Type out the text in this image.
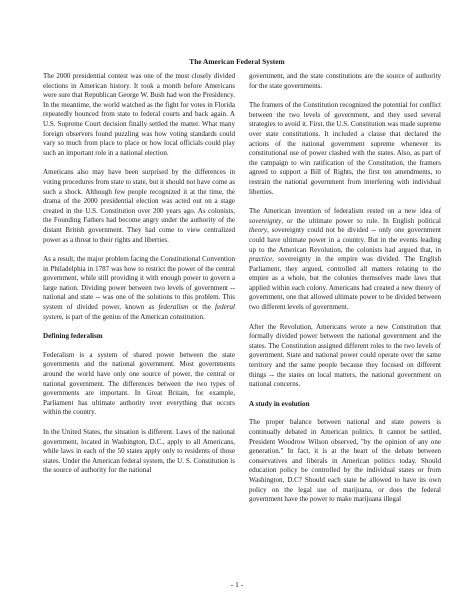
The American Federal System

The 2000 presidential contest was one of the most closely divided elections in American history. It took a month before Americans were sure that Republican George W. Bush had won the Presidency. In the meantime, the world watched as the fight for votes in Florida repeatedly bounced from state to federal courts and back again. A U.S. Supreme Court decision finally settled the matter. What many foreign observers found puzzling was how voting standards could vary so much from place to place or how local officials could play such an important role in a national election.

Americans also may have been surprised by the differences in voting procedures from state to state, but it should not have come as such a shock. Although few people recognized it at the time, the drama of the 2000 presidential election was acted out on a stage created in the U.S. Constitution over 200 years ago. As colonists, the Founding Fathers had become angry under the authority of the distant British government. They had come to view centralized power as a threat to their rights and liberties.

As a result, the major problem facing the Constitutional Convention in Philadelphia in 1787 was how to restrict the power of the central government, while still providing it with enough power to govern a large nation. Dividing power between two levels of government -- national and state -- was one of the solutions to this problem. This system of divided power, known as federalism or the federal system, is part of the genius of the American constitution.

Defining federalism

Federalism is a system of shared power between the state governments and the national government. Most governments around the world have only one source of power, the central or national government. The differences between the two types of governments are important. In Great Britain, for example, Parliament has ultimate authority over everything that occurs within the country.

In the United States, the situation is different. Laws of the national government, located in Washington, D.C., apply to all Americans, while laws in each of the 50 states apply only to residents of those states. Under the American federal system, the U. S. Constitution is the source of authority for the national

government, and the state constitutions are the source of authority for the state governments.

The framers of the Constitution recognized the potential for conflict between the two levels of government, and they used several strategies to avoid it. First, the U.S. Constitution was made supreme over state constitutions. It included a clause that declared the actions of the national government supreme whenever its constitutional use of power clashed with the states. Also, as part of the campaign to win ratification of the Constitution, the framers agreed to support a Bill of Rights, the first ten amendments, to restrain the national government from interfering with individual liberties.

The American invention of federalism rested on a new idea of sovereignty, or the ultimate power to rule. In English political theory, sovereignty could not be divided -- only one government could have ultimate power in a country. But in the events leading up to the American Revolution, the colonists had argued that, in practice, sovereignty in the empire was divided. The English Parliament, they argued, controlled all matters relating to the empire as a whole, but the colonies themselves made laws that applied within each colony. Americans had created a new theory of government, one that allowed ultimate power to be divided between two different levels of government.

After the Revolution, Americans wrote a new Constitution that formally divided power between the national government and the states. The Constitution assigned different roles to the two levels of government. State and national power could operate over the same territory and the same people because they focused on different things -- the states on local matters, the national government on national concerns.

A study in evolution

The proper balance between national and state powers is continually debated in American politics. It cannot be settled, President Woodrow Wilson observed, "by the opinion of any one generation." In fact, it is at the heart of the debate between conservatives and liberals in American politics today. Should education policy be controlled by the individual states or from Washington, D.C? Should each state be allowed to have its own policy on the legal use of marijuana, or does the federal government have the power to make marijuana illegal

- 1 -
